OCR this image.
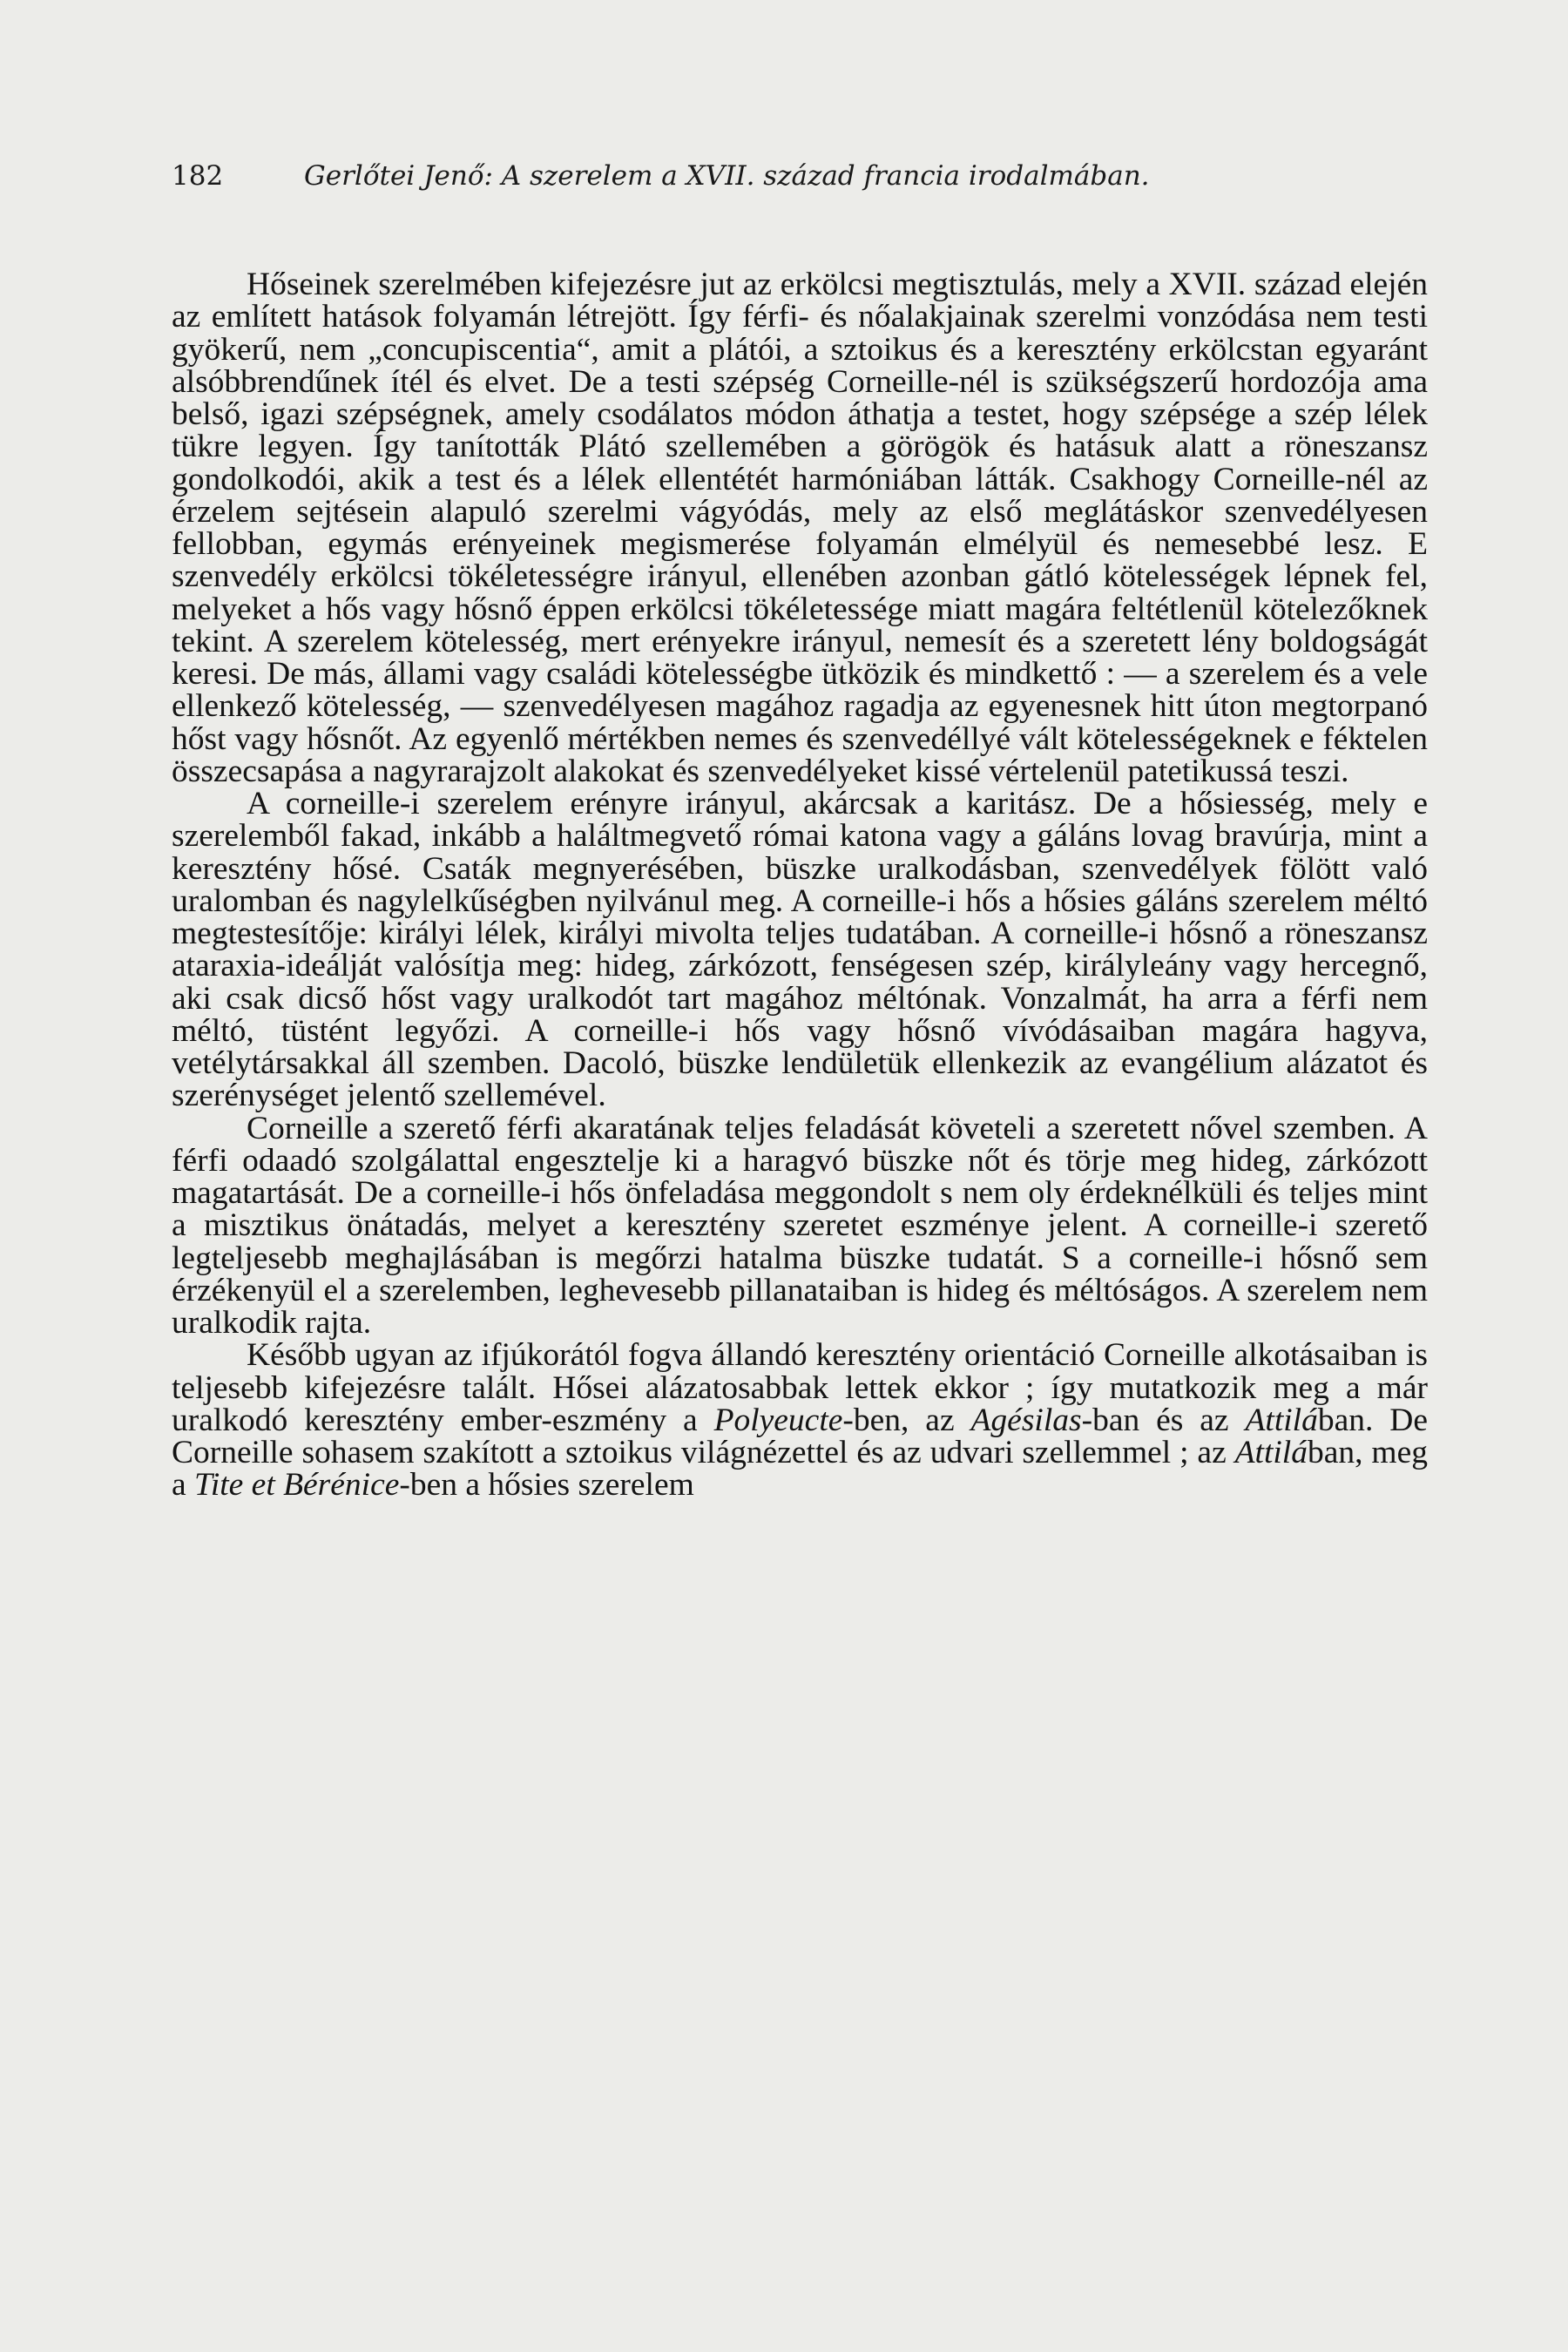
182	Gerlőtei Jenő: A szerelem a XVII. század francia irodalmában.

Hőseinek szerelmében kifejezésre jut az erkölcsi megtisztulás, mely a XVII. század elején az említett hatások folyamán létrejött. Így férfi- és nőalakjainak szerelmi vonzódása nem testi gyökerű, nem „concupiscentia“, amit a plátói, a sztoikus és a keresztény erkölcstan egyaránt alsóbbrendűnek ítél és elvet. De a testi szépség Corneille-nél is szükségszerű hordozója ama belső, igazi szépségnek, amely csodálatos módon áthatja a testet, hogy szépsége a szép lélek tükre legyen. Így tanították Plátó szellemében a görögök és hatásuk alatt a röneszansz gondolkodói, akik a test és a lélek ellentétét harmóniában látták. Csakhogy Corneille-nél az érzelem sejtésein alapuló szerelmi vágyódás, mely az első meglátáskor szenvedélyesen fellobban, egymás erényeinek megismerése folyamán elmélyül és nemesebbé lesz. E szenvedély erkölcsi tökéletességre irányul, ellenében azonban gátló kötelességek lépnek fel, melyeket a hős vagy hősnő éppen erkölcsi tökéletessége miatt magára feltétlenül kötelezőknek tekint. A szerelem kötelesség, mert erényekre irányul, nemesít és a szeretett lény boldogságát keresi. De más, állami vagy családi kötelességbe ütközik és mindkettő : — a szerelem és a vele ellenkező kötelesség, — szenvedélyesen magához ragadja az egyenesnek hitt úton megtorpanó hőst vagy hősnőt. Az egyenlő mértékben nemes és szenvedéllyé vált kötelességeknek e féktelen összecsapása a nagyrarajzolt alakokat és szenvedélyeket kissé vértelenül patetikussá teszi.

A corneille-i szerelem erényre irányul, akárcsak a karitász. De a hősiesség, mely e szerelemből fakad, inkább a haláltmegvető római katona vagy a gáláns lovag bravúrja, mint a keresztény hősé. Csaták megnyerésében, büszke uralkodásban, szenvedélyek fölött való uralomban és nagylelkűségben nyilvánul meg. A corneille-i hős a hősies gáláns szerelem méltó megtestesítője: királyi lélek, királyi mivolta teljes tudatában. A corneille-i hősnő a röneszansz ataraxia-ideálját valósítja meg: hideg, zárkózott, fenségesen szép, királyleány vagy hercegnő, aki csak dicső hőst vagy uralkodót tart magához méltónak. Vonzalmát, ha arra a férfi nem méltó, tüstént legyőzi. A corneille-i hős vagy hősnő vívódásaiban magára hagyva, vetélytársakkal áll szemben. Dacoló, büszke lendületük ellenkezik az evangélium alázatot és szerénységet jelentő szellemével.

Corneille a szerető férfi akaratának teljes feladását követeli a szeretett nővel szemben. A férfi odaadó szolgálattal engesztelje ki a haragvó büszke nőt és törje meg hideg, zárkózott magatartását. De a corneille-i hős önfeladása meggondolt s nem oly érdeknélküli és teljes mint a misztikus önátadás, melyet a keresztény szeretet eszménye jelent. A corneille-i szerető legteljesebb meghajlásában is megőrzi hatalma büszke tudatát. S a corneille-i hősnő sem érzékenyül el a szerelemben, leghevesebb pillanataiban is hideg és méltóságos. A szerelem nem uralkodik rajta.

Később ugyan az ifjúkorától fogva állandó keresztény orientáció Corneille alkotásaiban is teljesebb kifejezésre talált. Hősei alázatosabbak lettek ekkor ; így mutatkozik meg a már uralkodó keresztény ember-eszmény a Polyeucte-ben, az Agésilas-ban és az Attilában. De Corneille sohasem szakított a sztoikus világnézettel és az udvari szellemmel ; az Attilában, meg a Tite et Bérénice-ben a hősies szerelem
